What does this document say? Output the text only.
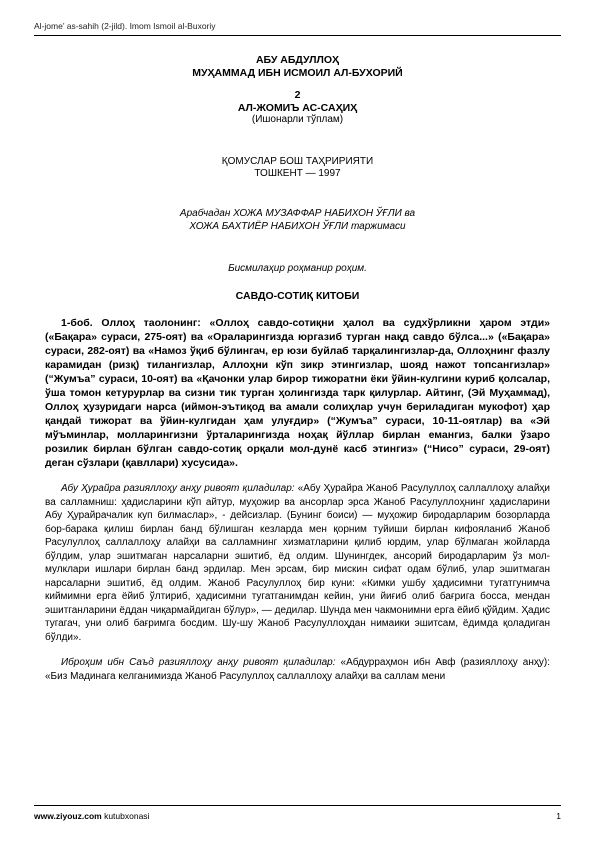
Al-jome’ as-sahih (2-jild). Imom Ismoil al-Buxoriy
АБУ АБДУЛЛОҲ
МУҲАММАД ИБН ИСМОИЛ АЛ-БУХОРИЙ
2
АЛ-ЖОМИЪ АС-САҲИҲ
(Ишонарли тўплам)
ҚОМУСЛАР БОШ ТАҲРИРИЯТИ
ТОШКЕНТ — 1997
Арабчадан ХОЖА МУЗАФФАР НАБИХОН ЎҒЛИ ва
ХОЖА БАХТИЁР НАБИХОН ЎҒЛИ таржимаси
Бисмилаҳир роҳманир роҳим.
САВДО-СОТИҚ КИТОБИ

1-боб. Оллоҳ таолонинг: «Оллоҳ савдо-сотиқни ҳалол ва судхўрликни ҳаром этди» («Бақара» сураси, 275-оят) ва «Ораларингизда юргазиб турган нақд савдо бўлса...» («Бақара» сураси, 282-оят) ва «Намоз ўқиб бўлингач, ер юзи буйлаб тарқалингизлар-да, Оллоҳнинг фазлу карамидан (ризқ) тилангизлар, Аллоҳни кўп зикр этингизлар, шояд нажот топсангизлар» (“Жумъа” сураси, 10-оят) ва «Қачонки улар бирор тижоратни ёки ўйин-кулгини куриб қолсалар, ўша томон кетурурлар ва сизни тик турган ҳолингизда тарк қилурлар. Айтинг, (Эй Муҳаммад), Оллоҳ ҳузуридаги нарса (иймон-эътиқод ва амали солиҳлар учун бериладиган мукофот) ҳар қандай тижорат ва ўйин-кулгидан ҳам улуғдир» (“Жумъа” сураси, 10-11-оятлар) ва «Эй мўъминлар, молларингизни ўрталарингизда ноҳақ йўллар бирлан емангиз, балки ўзаро розилик бирлан бўлган савдо-сотиқ орқали мол-дунё касб этингиз» (“Нисо” сураси, 29-оят) деган сўзлари (қавллари) хусусида».

Абу Ҳурайра разияллоҳу анҳу ривоят қиладилар: «Абу Ҳурайра Жаноб Расулуллоҳ саллаллоҳу алайҳи ва салламниш: ҳадисларини кўп айтур, муҳожир ва ансорлар эрса Жаноб Расулуллоҳнинг ҳадисларини Абу Ҳурайрачалик куп билмаслар», - дейсизлар. (Бунинг боиси) — муҳожир биродарларим бозорларда бор-барака қилиш бирлан банд бўлишган кезларда мен қорним туйиши бирлан кифояланиб Жаноб Расулуллоҳ саллаллоҳу алайҳи ва салламнинг хизматларини қилиб юрдим, улар бўлмаган жойларда бўлдим, улар эшитмаган нарсаларни эшитиб, ёд олдим. Шунингдек, ансорий биродарларим ўз мол-мулклари ишлари бирлан банд эрдилар. Мен эрсам, бир мискин сифат одам бўлиб, улар эшитмаган нарсаларни эшитиб, ёд олдим. Жаноб Расулуллоҳ бир куни: «Кимки ушбу ҳадисимни тугатгунимча киймимни ерга ёйиб ўлтириб, ҳадисимни тугатганимдан кейин, уни йиғиб олиб бағрига босса, мендан эшитганларини ёддан чиқармайдиган бўлур», — дедилар. Шунда мен чакмонимни ерга ёйиб қўйдим. Ҳадис тугагач, уни олиб бағримга босдим. Шу-шу Жаноб Расулуллоҳдан нимаики эшитсам, ёдимда қоладиган бўлди».

Иброҳим ибн Саъд разияллоҳу анҳу ривоят қиладилар: «Абдурраҳмон ибн Авф (разияллоҳу анҳу): «Биз Мадинага келганимизда Жаноб Расулуллоҳ саллаллоҳу алайҳи ва саллам мени

www.ziyouz.com kutubxonasi	1
